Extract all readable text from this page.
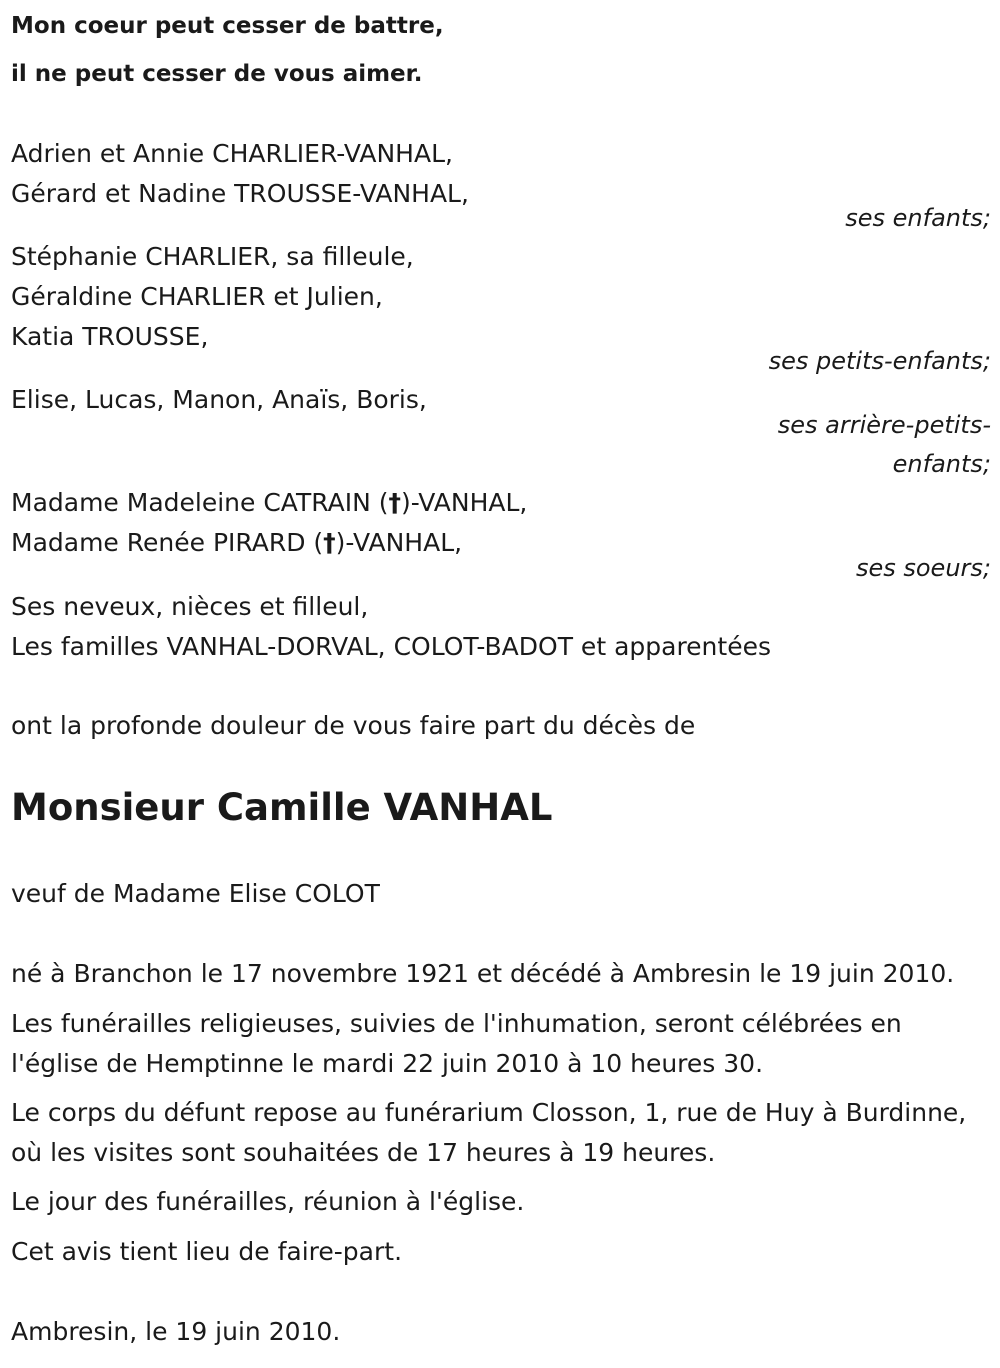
Mon coeur peut cesser de battre,
il ne peut cesser de vous aimer.
Adrien et Annie CHARLIER-VANHAL,
Gérard et Nadine TROUSSE-VANHAL,
ses enfants;
Stéphanie CHARLIER, sa filleule,
Géraldine CHARLIER et Julien,
Katia TROUSSE,
ses petits-enfants;
Elise, Lucas, Manon, Anaïs, Boris,
ses arrière-petits-
enfants;
Madame Madeleine CATRAIN (†)-VANHAL,
Madame Renée PIRARD (†)-VANHAL,
ses soeurs;
Ses neveux, nièces et filleul,
Les familles VANHAL-DORVAL, COLOT-BADOT et apparentées
ont la profonde douleur de vous faire part du décès de
Monsieur Camille VANHAL
veuf de Madame Elise COLOT
né à Branchon le 17 novembre 1921 et décédé à Ambresin le 19 juin 2010.
Les funérailles religieuses, suivies de l'inhumation, seront célébrées en l'église de Hemptinne le mardi 22 juin 2010 à 10 heures 30.
Le corps du défunt repose au funérarium Closson, 1, rue de Huy à Burdinne, où les visites sont souhaitées de 17 heures à 19 heures.
Le jour des funérailles, réunion à l'église.
Cet avis tient lieu de faire-part.
Ambresin, le 19 juin 2010.
